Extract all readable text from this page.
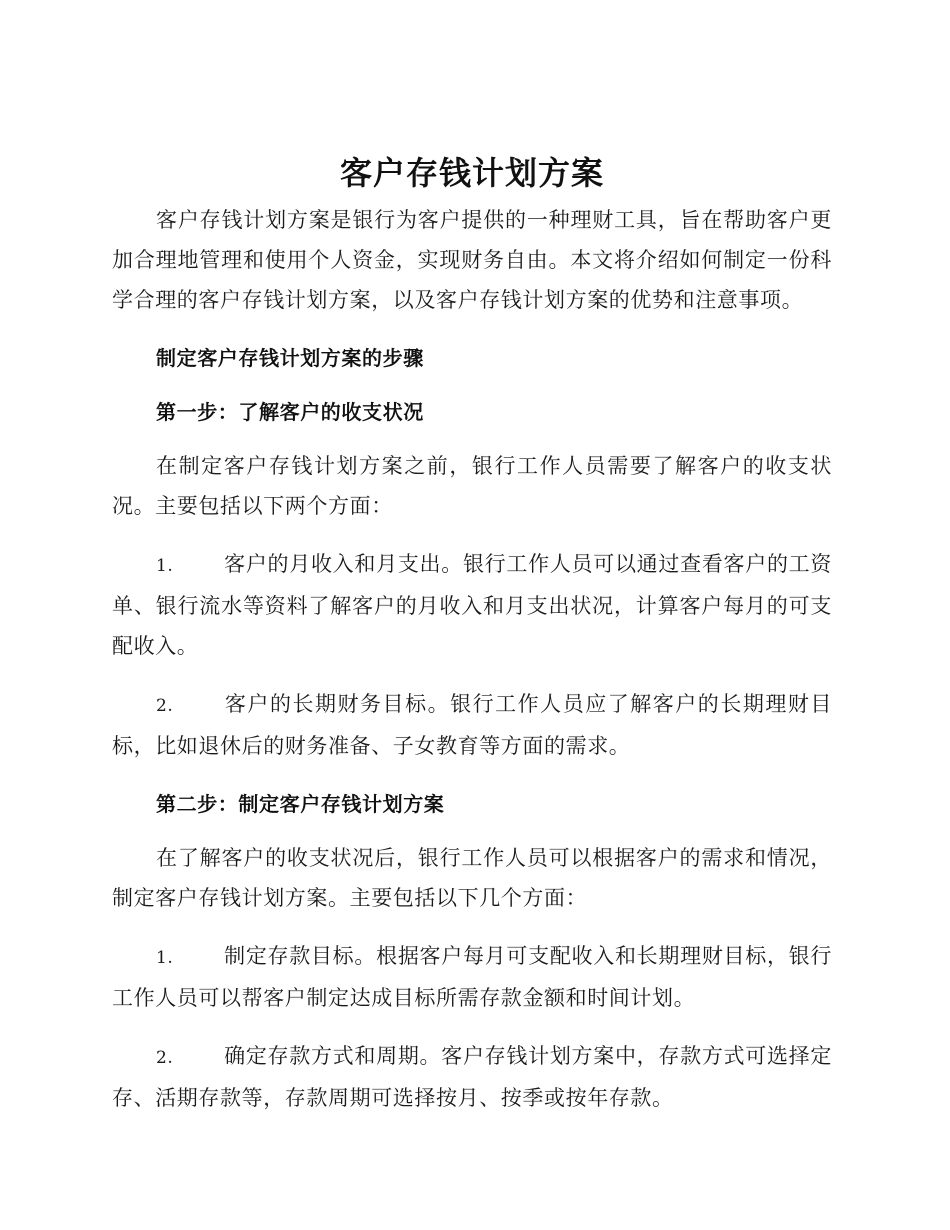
客户存钱计划方案

客户存钱计划方案是银行为客户提供的一种理财工具，旨在帮助客户更加合理地管理和使用个人资金，实现财务自由。本文将介绍如何制定一份科学合理的客户存钱计划方案，以及客户存钱计划方案的优势和注意事项。

制定客户存钱计划方案的步骤
第一步：了解客户的收支状况

在制定客户存钱计划方案之前，银行工作人员需要了解客户的收支状况。主要包括以下两个方面：

1. 客户的月收入和月支出。银行工作人员可以通过查看客户的工资单、银行流水等资料了解客户的月收入和月支出状况，计算客户每月的可支配收入。

2. 客户的长期财务目标。银行工作人员应了解客户的长期理财目标，比如退休后的财务准备、子女教育等方面的需求。

第二步：制定客户存钱计划方案

在了解客户的收支状况后，银行工作人员可以根据客户的需求和情况，制定客户存钱计划方案。主要包括以下几个方面：

1. 制定存款目标。根据客户每月可支配收入和长期理财目标，银行工作人员可以帮客户制定达成目标所需存款金额和时间计划。

2. 确定存款方式和周期。客户存钱计划方案中，存款方式可选择定存、活期存款等，存款周期可选择按月、按季或按年存款。
